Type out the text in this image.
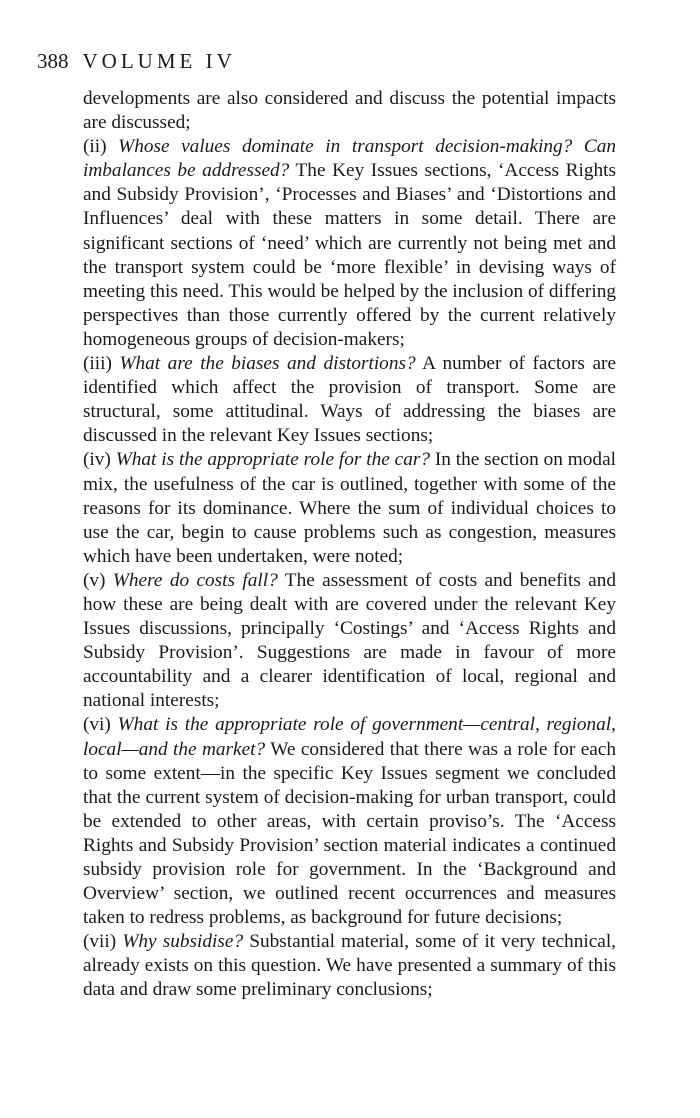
388 VOLUME IV

developments are also considered and discuss the potential impacts are discussed;

(ii) Whose values dominate in transport decision-making? Can imbalances be addressed? The Key Issues sections, ‘Access Rights and Subsidy Provision’, ‘Processes and Biases’ and ‘Distortions and Influences’ deal with these matters in some detail. There are significant sections of ‘need’ which are currently not being met and the transport system could be ‘more flexible’ in devising ways of meeting this need. This would be helped by the inclusion of differing perspectives than those currently offered by the current relatively homogeneous groups of decision-makers;

(iii) What are the biases and distortions? A number of factors are identified which affect the provision of transport. Some are structural, some attitudinal. Ways of addressing the biases are discussed in the relevant Key Issues sections;

(iv) What is the appropriate role for the car? In the section on modal mix, the usefulness of the car is outlined, together with some of the reasons for its dominance. Where the sum of individual choices to use the car, begin to cause problems such as congestion, measures which have been undertaken, were noted;

(v) Where do costs fall? The assessment of costs and benefits and how these are being dealt with are covered under the relevant Key Issues discussions, principally ‘Costings’ and ‘Access Rights and Subsidy Provision’. Suggestions are made in favour of more accountability and a clearer identification of local, regional and national interests;

(vi) What is the appropriate role of government—central, regional, local—and the market? We considered that there was a role for each to some extent—in the specific Key Issues segment we concluded that the current system of decision-making for urban transport, could be extended to other areas, with certain proviso’s. The ‘Access Rights and Subsidy Provision’ section material indicates a continued subsidy provision role for government. In the ‘Background and Overview’ section, we outlined recent occurrences and measures taken to redress problems, as background for future decisions;

(vii) Why subsidise? Substantial material, some of it very technical, already exists on this question. We have presented a summary of this data and draw some preliminary conclusions;
